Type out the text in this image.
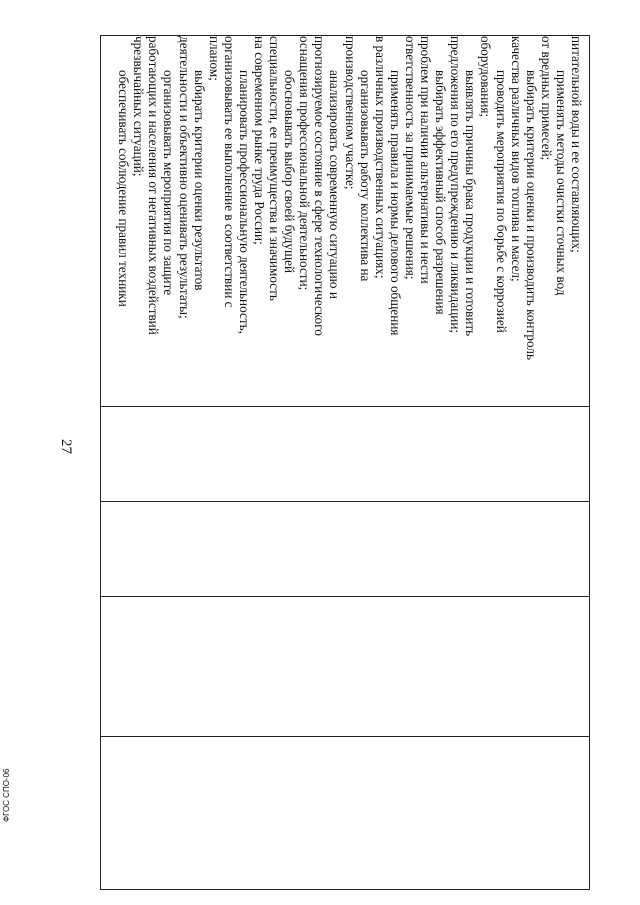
питательной воды и ее составляющих;
применять методы очистки сточных вод
от вредных примесей;
выбирать критерии оценки и производить контроль
качества различных видов топлива и масел;
проводить мероприятия по борьбе с коррозией
оборудования;
выявлять причины брака продукции и готовить
предложения по его предупреждению и ликвидации;
выбирать эффективный способ разрешения
проблем при наличии альтернативы и нести
ответственность за принимаемые решения;
применять правила и нормы делового общения
в различных производственных ситуациях;
организовывать работу коллектива на
производственном участке;
анализировать современную ситуацию и
прогнозируемое состояние в сфере технологического
оснащения профессиональной деятельности;
обосновывать выбор своей будущей
специальности, ее преимущества и значимость
на современном рынке труда России;
планировать профессиональную деятельность,
организовывать ее выполнение в соответствии с
планом;
выбирать критерии оценки результатов
деятельности и объективно оценивать результаты;
организовывать мероприятия по защите
работающих и населения от негативных воздействий
чрезвычайных ситуаций;
обеспечивать соблюдение правил техники
27
ФГОС СПО-06
